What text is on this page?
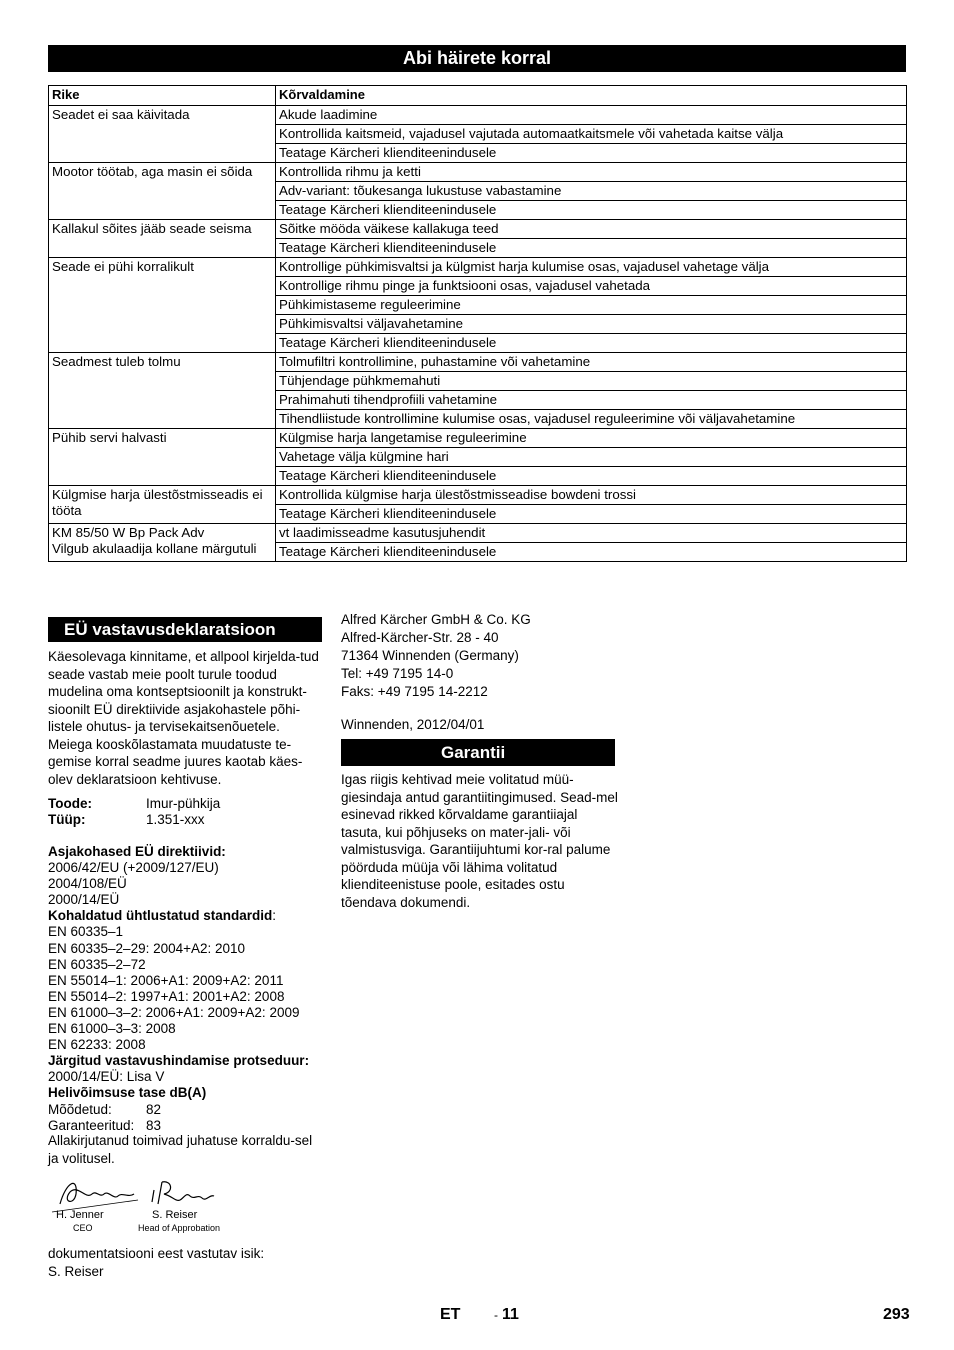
Abi häirete korral
Rike	Kõrvaldamine
Seadet ei saa käivitada	Akude laadimine
	Kontrollida kaitsmeid, vajadusel vajutada automaatkaitsmele või vahetada kaitse välja
	Teatage Kärcheri klienditeenindusele
Mootor töötab, aga masin ei sõida	Kontrollida rihmu ja ketti
	Adv-variant: tõukesanga lukustuse vabastamine
	Teatage Kärcheri klienditeenindusele
Kallakul sõites jääb seade seisma	Sõitke mööda väikese kallakuga teed
	Teatage Kärcheri klienditeenindusele
Seade ei pühi korralikult	Kontrollige pühkimisvaltsi ja külgmist harja kulumise osas, vajadusel vahetage välja
	Kontrollige rihmu pinge ja funktsiooni osas, vajadusel vahetada
	Pühkimistaseme reguleerimine
	Pühkimisvaltsi väljavahetamine
	Teatage Kärcheri klienditeenindusele
Seadmest tuleb tolmu	Tolmufiltri kontrollimine, puhastamine või vahetamine
	Tühjendage pühkmemahuti
	Prahimahuti tihendprofiili vahetamine
	Tihendliistude kontrollimine kulumise osas, vajadusel reguleerimine või väljavahetamine
Pühib servi halvasti	Külgmise harja langetamise reguleerimine
	Vahetage välja külgmine hari
	Teatage Kärcheri klienditeenindusele
Külgmise harja ülestõstmisseadis ei tööta	Kontrollida külgmise harja ülestõstmisseadise bowdeni trossi
	Teatage Kärcheri klienditeenindusele
KM 85/50 W Bp Pack Adv
Vilgub akulaadija kollane märgutuli	vt laadimisseadme kasutusjuhendit
	Teatage Kärcheri klienditeenindusele
EÜ vastavusdeklaratsioon
Käesolevaga kinnitame, et allpool kirjelda-tud seade vastab meie poolt turule toodud mudelina oma kontseptsioonilt ja konstrukt-sioonilt EÜ direktiivide asjakohastele põhi-listele ohutus- ja tervisekaitsenõuetele. Meiega kooskõlastamata muudatuste te-gemise korral seadme juures kaotab käes-olev deklaratsioon kehtivuse.
Toode:	Imur-pühkija
Tüüp:	1.351-xxx
Asjakohased EÜ direktiivid:
2006/42/EU (+2009/127/EU)
2004/108/EÜ
2000/14/EÜ
Kohaldatud ühtlustatud standardid:
EN 60335–1
EN 60335–2–29: 2004+A2: 2010
EN 60335–2–72
EN 55014–1: 2006+A1: 2009+A2: 2011
EN 55014–2: 1997+A1: 2001+A2: 2008
EN 61000–3–2: 2006+A1: 2009+A2: 2009
EN 61000–3–3: 2008
EN 62233: 2008
Järgitud vastavushindamise protseduur:
2000/14/EÜ: Lisa V
Helivõimsuse tase dB(A)
Mõõdetud:	82
Garanteeritud: 83
Allakirjutanud toimivad juhatuse korraldu-sel ja volitusel.
H. Jenner
CEO
S. Reiser
Head of Approbation
dokumentatsiooni eest vastutav isik:
S. Reiser
Alfred Kärcher GmbH & Co. KG
Alfred-Kärcher-Str. 28 - 40
71364 Winnenden (Germany)
Tel: +49 7195 14-0
Faks: +49 7195 14-2212
Winnenden, 2012/04/01
Garantii
Igas riigis kehtivad meie volitatud müü-giesindaja antud garantiitingimused. Sead-mel esinevad rikked kõrvaldame garantiiajal tasuta, kui põhjuseks on mater-jali- või valmistusviga. Garantiijuhtumi kor-ral palume pöörduda müüja või lähima volitatud klienditeenistuse poole, esitades ostu tõendava dokumendi.
ET	- 11	293
